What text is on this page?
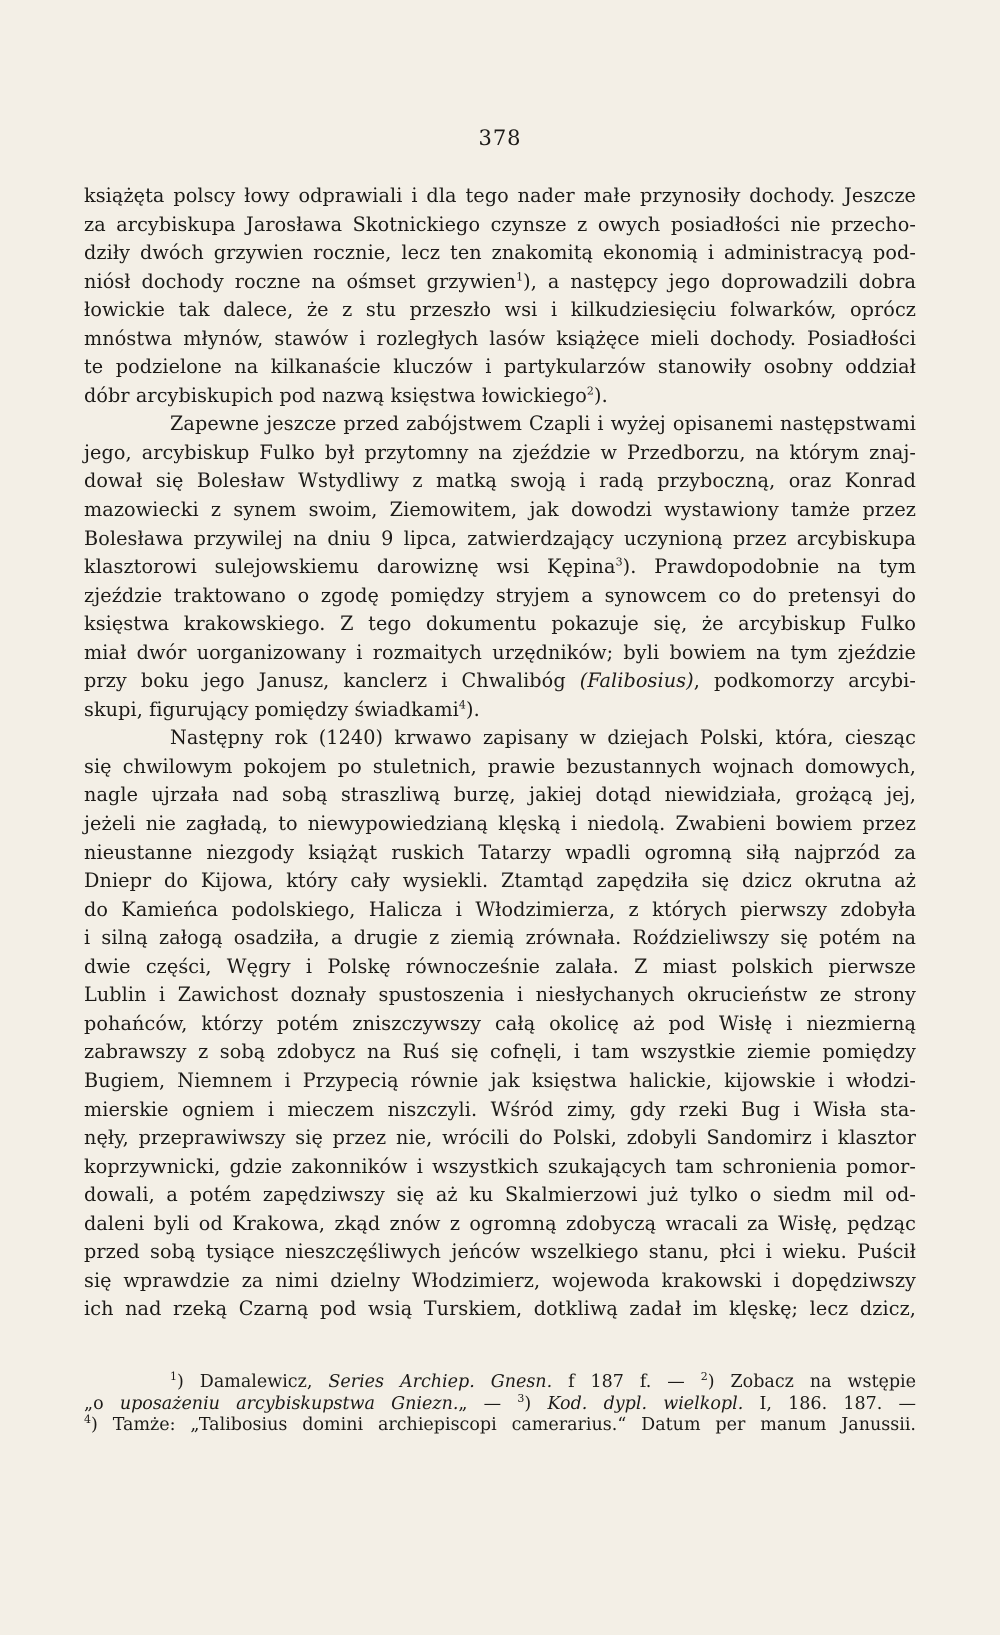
378
książęta polscy łowy odprawiali i dla tego nader małe przynosiły dochody. Jeszcze
za arcybiskupa Jarosława Skotnickiego czynsze z owych posiadłości nie przecho-
dziły dwóch grzywien rocznie, lecz ten znakomitą ekonomią i administracyą pod-
niósł dochody roczne na ośmset grzywien$^1$), a następcy jego doprowadzili dobra
łowickie tak dalece, że z stu przeszło wsi i kilkudziesięciu folwarków, oprócz
mnóstwa młynów, stawów i rozległych lasów książęce mieli dochody. Posiadłości
te podzielone na kilkanaście kluczów i partykularzów stanowiły osobny oddział
dóbr arcybiskupich pod nazwą księstwa łowickiego$^2$).
Zapewne jeszcze przed zabójstwem Czapli i wyżej opisanemi następstwami
jego, arcybiskup Fulko był przytomny na zjeździe w Przedborzu, na którym znaj-
dował się Bolesław Wstydliwy z matką swoją i radą przyboczną, oraz Konrad
mazowiecki z synem swoim, Ziemowitem, jak dowodzi wystawiony tamże przez
Bolesława przywilej na dniu 9 lipca, zatwierdzający uczynioną przez arcybiskupa
klasztorowi sulejowskiemu darowiznę wsi Kępina$^3$). Prawdopodobnie na tym
zjeździe traktowano o zgodę pomiędzy stryjem a synowcem co do pretensyi do
księstwa krakowskiego. Z tego dokumentu pokazuje się, że arcybiskup Fulko
miał dwór uorganizowany i rozmaitych urzędników; byli bowiem na tym zjeździe
przy boku jego Janusz, kanclerz i Chwalibóg (Falibosius), podkomorzy arcybi-
skupi, figurujący pomiędzy świadkami$^4$).
Następny rok (1240) krwawo zapisany w dziejach Polski, która, ciesząc
się chwilowym pokojem po stuletnich, prawie bezustannych wojnach domowych,
nagle ujrzała nad sobą straszliwą burzę, jakiej dotąd niewidziała, grożącą jej,
jeżeli nie zagładą, to niewypowiedzianą klęską i niedolą. Zwabieni bowiem przez
nieustanne niezgody książąt ruskich Tatarzy wpadli ogromną siłą najprzód za
Dniepr do Kijowa, który cały wysiekli. Ztamtąd zapędziła się dzicz okrutna aż
do Kamieńca podolskiego, Halicza i Włodzimierza, z których pierwszy zdobyła
i silną załogą osadziła, a drugie z ziemią zrównała. Roździeliwszy się potém na
dwie części, Węgry i Polskę równocześnie zalała. Z miast polskich pierwsze
Lublin i Zawichost doznały spustoszenia i niesłychanych okrucieństw ze strony
pohańców, którzy potém zniszczywszy całą okolicę aż pod Wisłę i niezmierną
zabrawszy z sobą zdobycz na Ruś się cofnęli, i tam wszystkie ziemie pomiędzy
Bugiem, Niemnem i Przypecią równie jak księstwa halickie, kijowskie i włodzi-
mierskie ogniem i mieczem niszczyli. Wśród zimy, gdy rzeki Bug i Wisła sta-
nęły, przeprawiwszy się przez nie, wrócili do Polski, zdobyli Sandomirz i klasztor
koprzywnicki, gdzie zakonników i wszystkich szukających tam schronienia pomor-
dowali, a potém zapędziwszy się aż ku Skalmierzowi już tylko o siedm mil od-
daleni byli od Krakowa, zkąd znów z ogromną zdobyczą wracali za Wisłę, pędząc
przed sobą tysiące nieszczęśliwych jeńców wszelkiego stanu, płci i wieku. Puścił
się wprawdzie za nimi dzielny Włodzimierz, wojewoda krakowski i dopędziwszy
ich nad rzeką Czarną pod wsią Turskiem, dotkliwą zadał im klęskę; lecz dzicz,
$^1$) Damalewicz, Series Archiep. Gnesn. f 187 f. — $^2$) Zobacz na wstępie
„o uposażeniu arcybiskupstwa Gniezn.„ — $^3$) Kod. dypl. wielkopl. I, 186. 187. —
$^4$) Tamże: „Talibosius domini archiepiscopi camerarius.“ Datum per manum Janussii.
